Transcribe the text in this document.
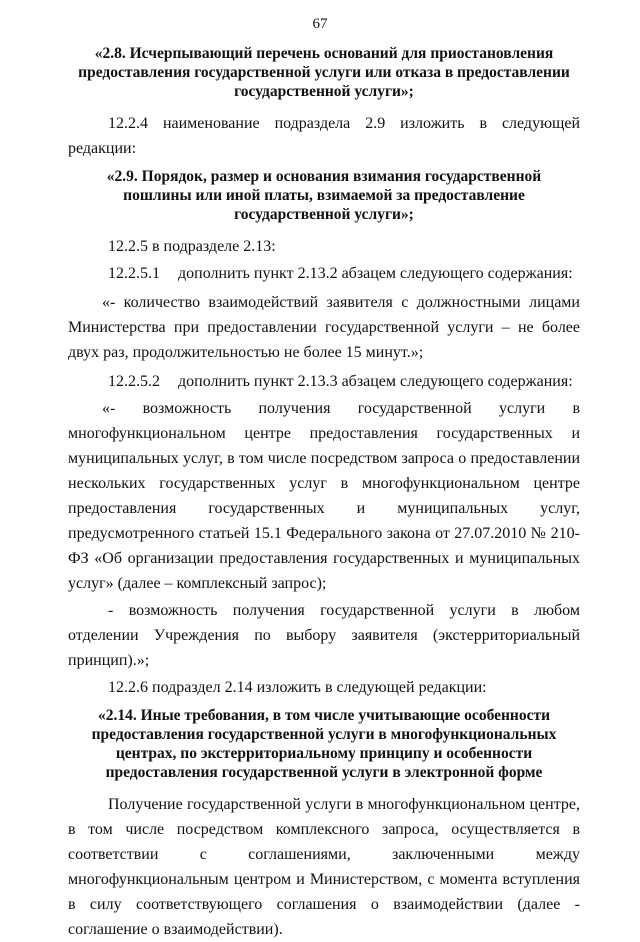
67

«2.8. Исчерпывающий перечень оснований для приостановления предоставления государственной услуги или отказа в предоставлении государственной услуги»;

12.2.4 наименование подраздела 2.9 изложить в следующей редакции:

«2.9. Порядок, размер и основания взимания государственной пошлины или иной платы, взимаемой за предоставление государственной услуги»;

12.2.5 в подразделе 2.13:

12.2.5.1	дополнить пункт 2.13.2 абзацем следующего содержания:

«- количество взаимодействий заявителя с должностными лицами

Министерства при предоставлении государственной услуги – не более двух раз, продолжительностью не более 15 минут.»;

12.2.5.2	дополнить пункт 2.13.3 абзацем следующего содержания:

«- возможность получения государственной услуги в

многофункциональном центре предоставления государственных и муниципальных услуг, в том числе посредством запроса о предоставлении нескольких государственных услуг в многофункциональном центре предоставления государственных и муниципальных услуг, предусмотренного статьей 15.1 Федерального закона от 27.07.2010 № 210-ФЗ «Об организации предоставления государственных и муниципальных услуг» (далее – комплексный запрос);

- возможность получения государственной услуги в любом отделении Учреждения по выбору заявителя (экстерриториальный принцип).»;

12.2.6 подраздел 2.14 изложить в следующей редакции:

«2.14. Иные требования, в том числе учитывающие особенности предоставления государственной услуги в многофункциональных центрах, по экстерриториальному принципу и особенности предоставления государственной услуги в электронной форме

Получение государственной услуги в многофункциональном центре, в том числе посредством комплексного запроса, осуществляется в соответствии с соглашениями, заключенными между многофункциональным центром и Министерством, с момента вступления в силу соответствующего соглашения о взаимодействии (далее - соглашение о взаимодействии).
